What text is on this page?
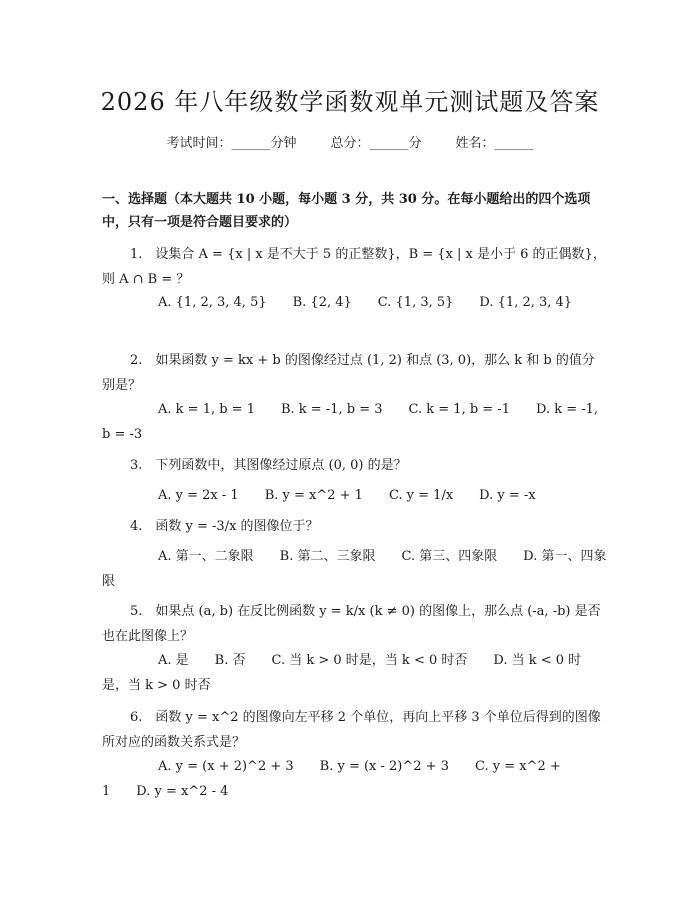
2026 年八年级数学函数观单元测试题及答案
考试时间：______分钟	总分：______分	姓名：______

一、选择题（本大题共 10 小题，每小题 3 分，共 30 分。在每小题给出的四个选项中，只有一项是符合题目要求的）

1.　设集合 A = {x | x 是不大于 5 的正整数}，B = {x | x 是小于 6 的正偶数}，则 A ∩ B = ？

A. {1, 2, 3, 4, 5} B. {2, 4} C. {1, 3, 5} D. {1, 2, 3, 4}

2.　如果函数 y = kx + b 的图像经过点 (1, 2) 和点 (3, 0)，那么 k 和 b 的值分别是？

A. k = 1, b = 1 B. k = -1, b = 3 C. k = 1, b = -1 D. k = -1, b = -3

3.　下列函数中，其图像经过原点 (0, 0) 的是？

A. y = 2x - 1 B. y = x^2 + 1 C. y = 1/x D. y = -x

4.　函数 y = -3/x 的图像位于？

A. 第一、二象限 B. 第二、三象限 C. 第三、四象限 D. 第一、四象限

5.　如果点 (a, b) 在反比例函数 y = k/x (k ≠ 0) 的图像上，那么点 (-a, -b) 是否也在此图像上？

A. 是 B. 否 C. 当 k > 0 时是，当 k < 0 时否 D. 当 k < 0 时是，当 k > 0 时否

6.　函数 y = x^2 的图像向左平移 2 个单位，再向上平移 3 个单位后得到的图像所对应的函数关系式是？

A. y = (x + 2)^2 + 3 B. y = (x - 2)^2 + 3 C. y = x^2 + 1 D. y = x^2 - 4
